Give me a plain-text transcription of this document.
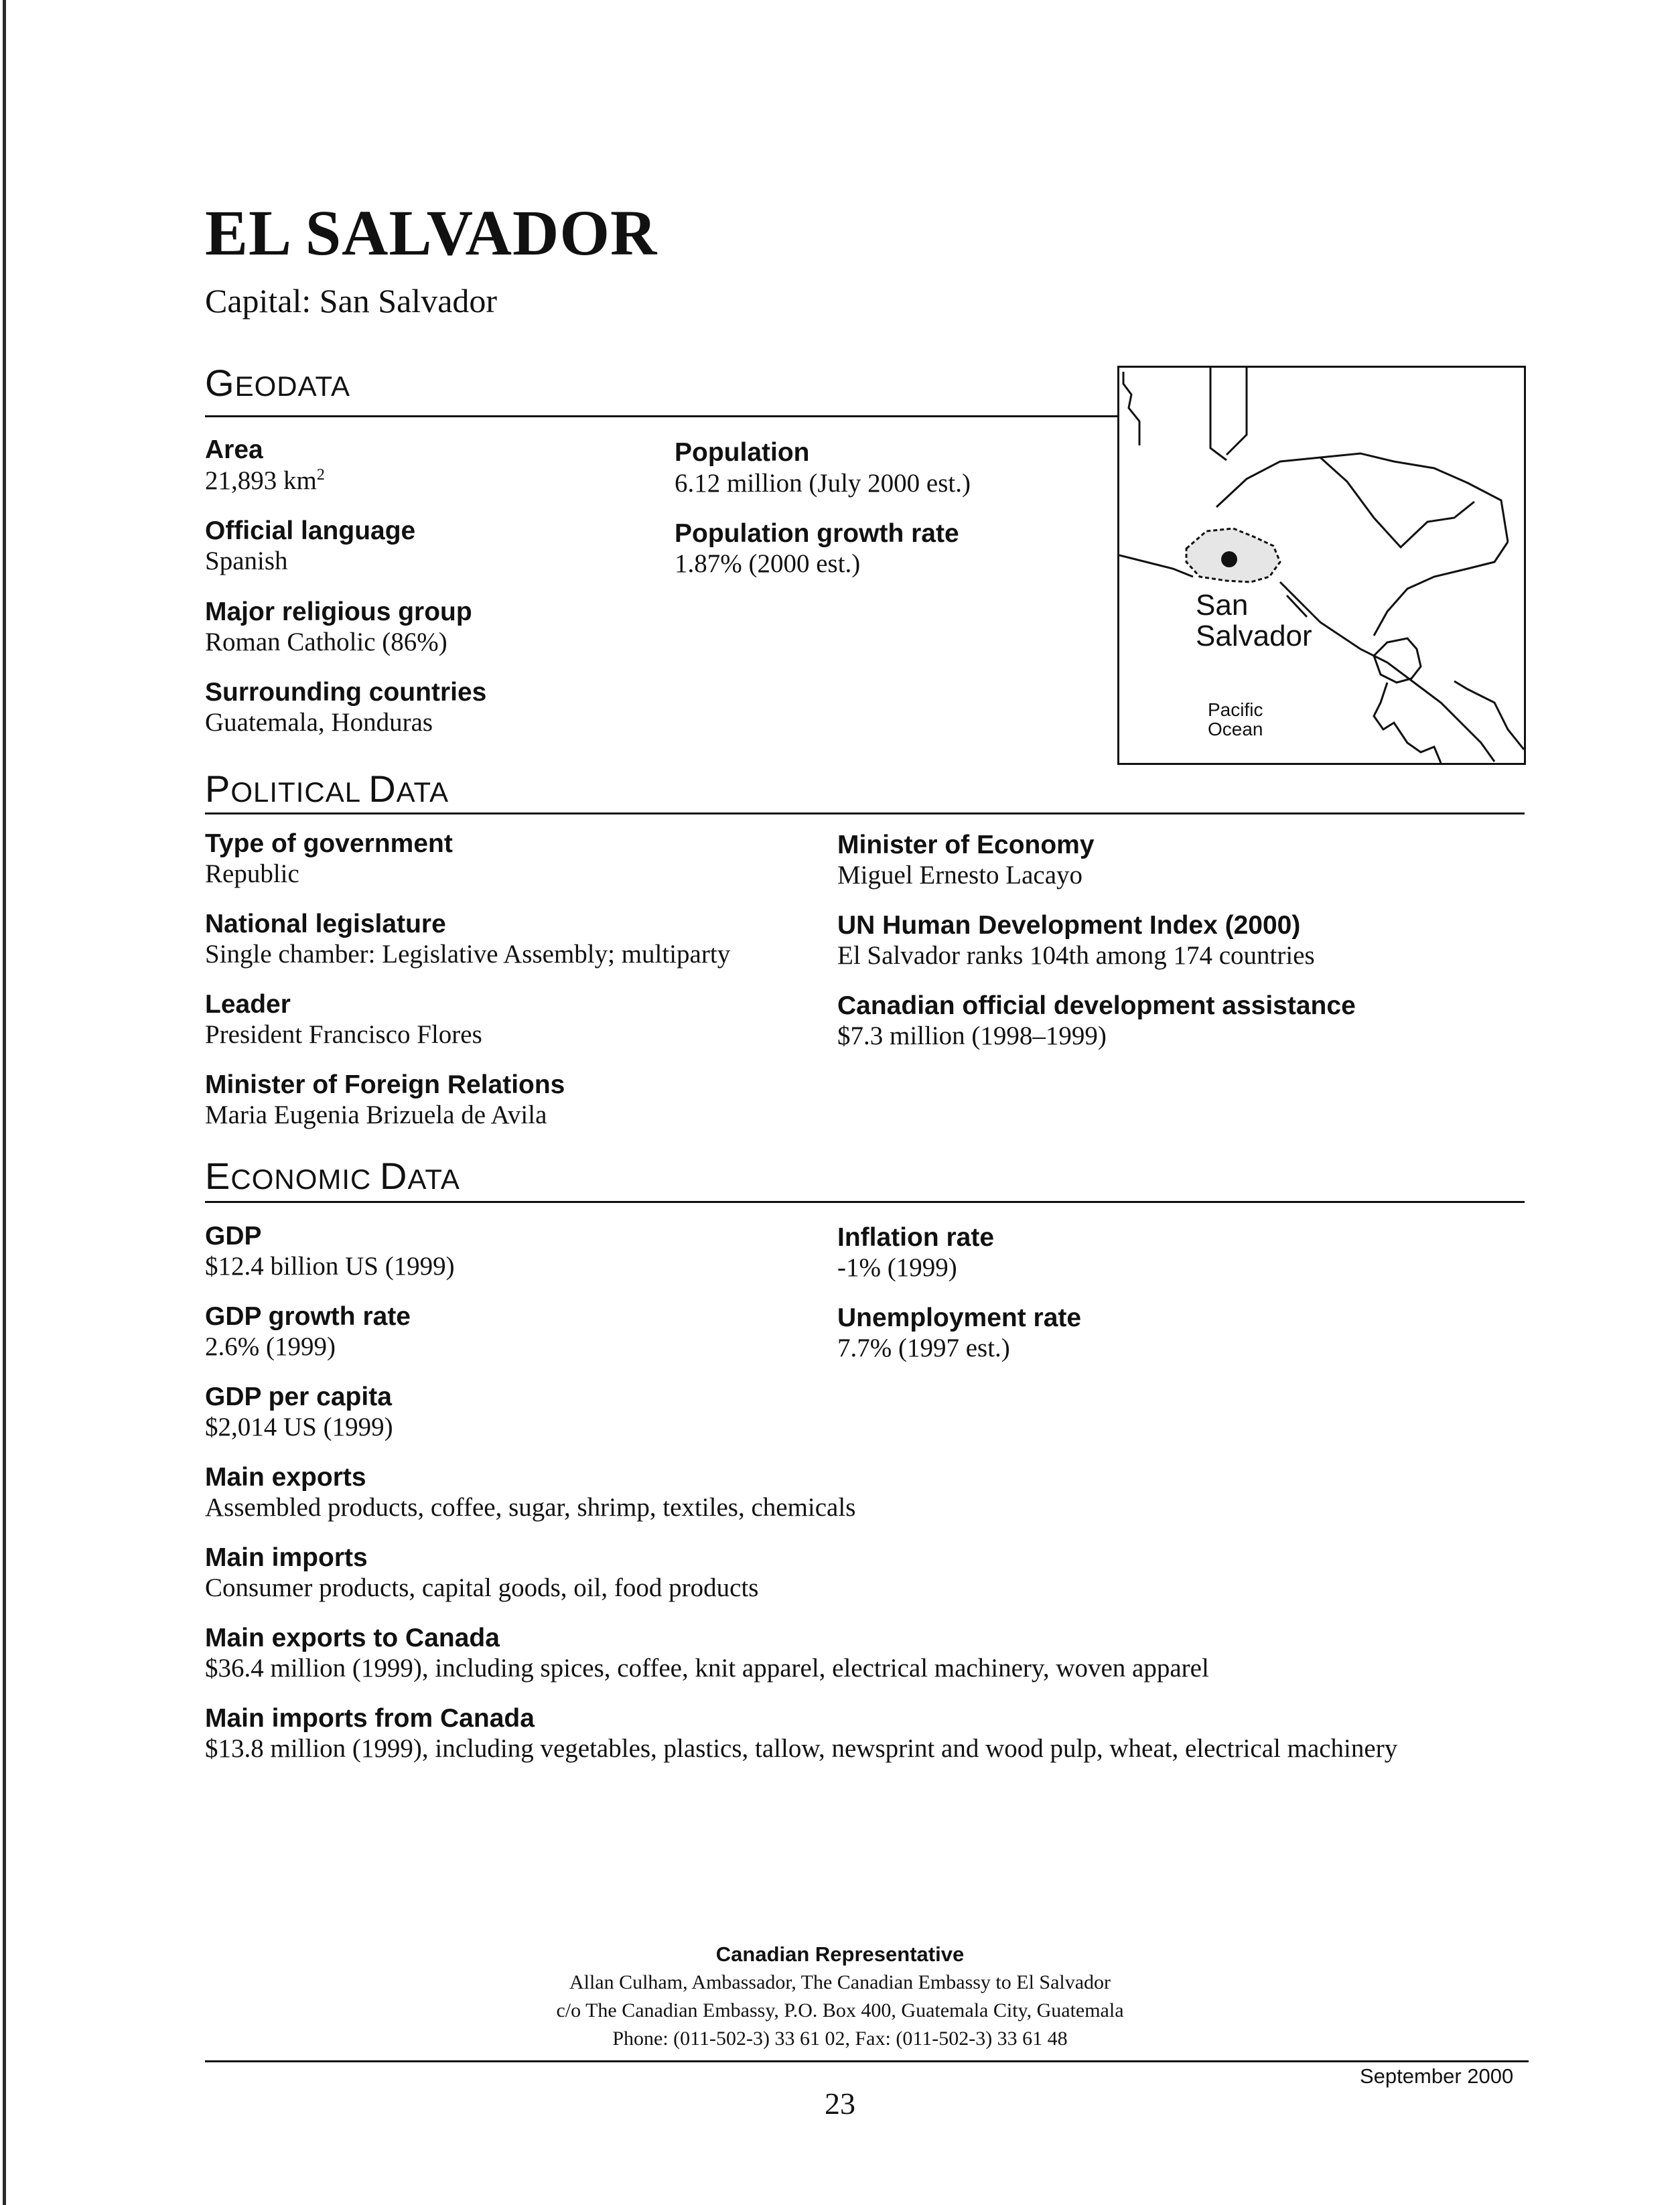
EL SALVADOR
Capital: San Salvador
GEODATA
Area
21,893 $km^2$
Population
6.12 million (July 2000 est.)
Official language
Spanish
Population growth rate
1.87% (2000 est.)
Major religious group
Roman Catholic (86%)
Surrounding countries
Guatemala, Honduras
San
Salvador
Pacific
Ocean
POLITICAL DATA
Type of government
Republic
Minister of Economy
Miguel Ernesto Lacayo
National legislature
Single chamber: Legislative Assembly; multiparty
UN Human Development Index (2000)
El Salvador ranks 104th among 174 countries
Leader
President Francisco Flores
Canadian official development assistance
$7.3 million (1998–1999)
Minister of Foreign Relations
Maria Eugenia Brizuela de Avila
ECONOMIC DATA
GDP
$12.4 billion US (1999)
Inflation rate
-1% (1999)
GDP growth rate
2.6% (1999)
Unemployment rate
7.7% (1997 est.)
GDP per capita
$2,014 US (1999)
Main exports
Assembled products, coffee, sugar, shrimp, textiles, chemicals
Main imports
Consumer products, capital goods, oil, food products
Main exports to Canada
$36.4 million (1999), including spices, coffee, knit apparel, electrical machinery, woven apparel
Main imports from Canada
$13.8 million (1999), including vegetables, plastics, tallow, newsprint and wood pulp, wheat, electrical machinery
Canadian Representative
Allan Culham, Ambassador, The Canadian Embassy to El Salvador
c/o The Canadian Embassy, P.O. Box 400, Guatemala City, Guatemala
Phone: (011-502-3) 33 61 02, Fax: (011-502-3) 33 61 48
September 2000
23
